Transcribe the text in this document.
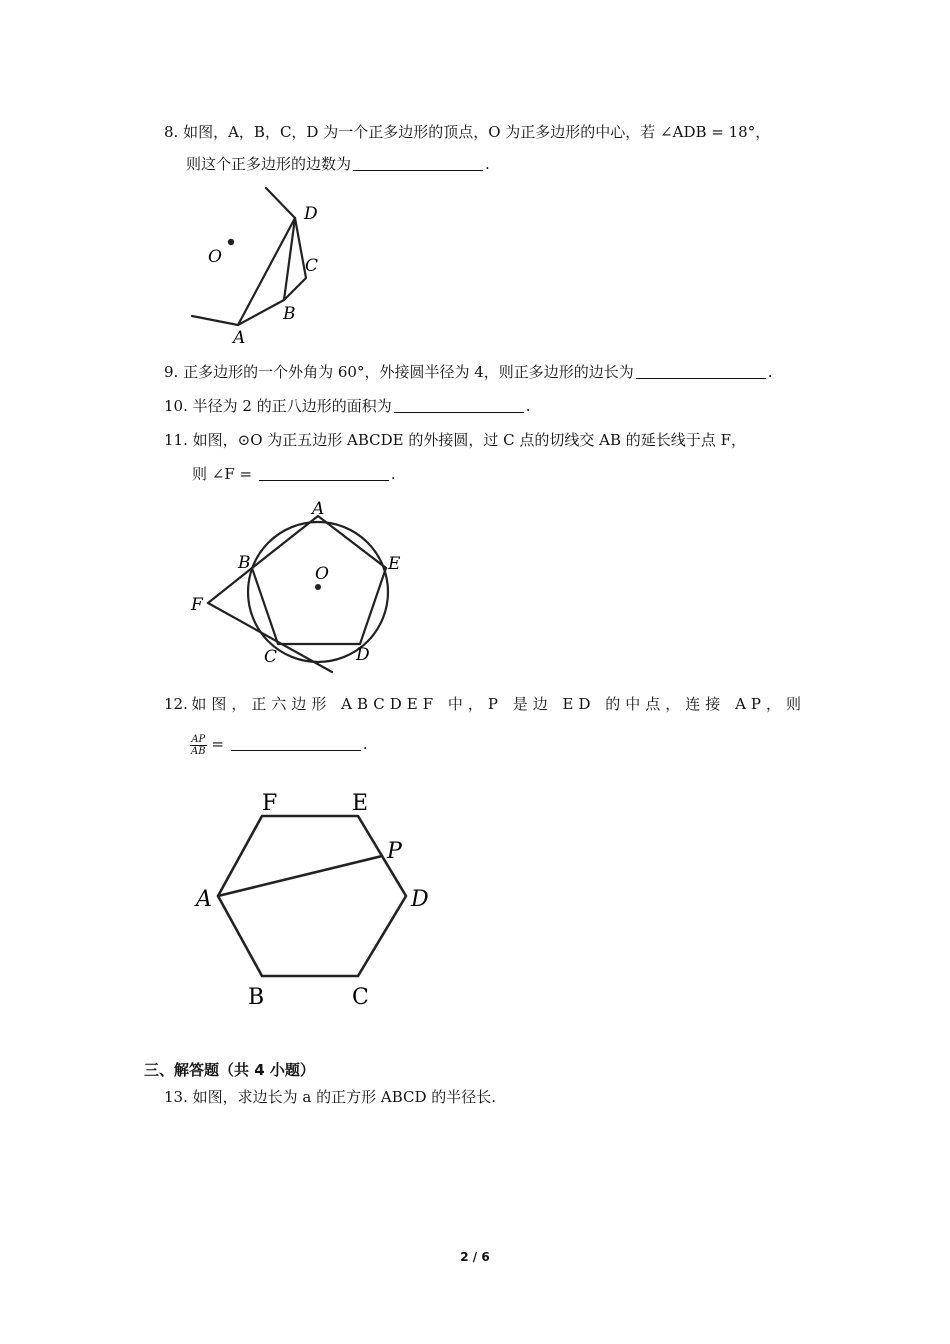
8. 如图，A，B，C，D 为一个正多边形的顶点，O 为正多边形的中心，若 ∠ADB = 18°，
则这个正多边形的边数为	.
D
O	C
B
A
9. 正多边形的一个外角为 60°，外接圆半径为 4，则正多边形的边长为	.
10. 半径为 2 的正八边形的面积为	.
11. 如图，⊙O 为正五边形 ABCDE 的外接圆，过 C 点的切线交 AB 的延长线于点 F，
则 ∠F =	.
A
B	E
O
F
C	D
12. 如图，正六边形 ABCDEF 中，P 是边 ED 的中点，连接 AP，则
$\frac{AP}{AB}$ =	.
F	E
P
A	D
B	C
三、解答题（共 4 小题）
13. 如图，求边长为 a 的正方形 ABCD 的半径长.
2 / 6
